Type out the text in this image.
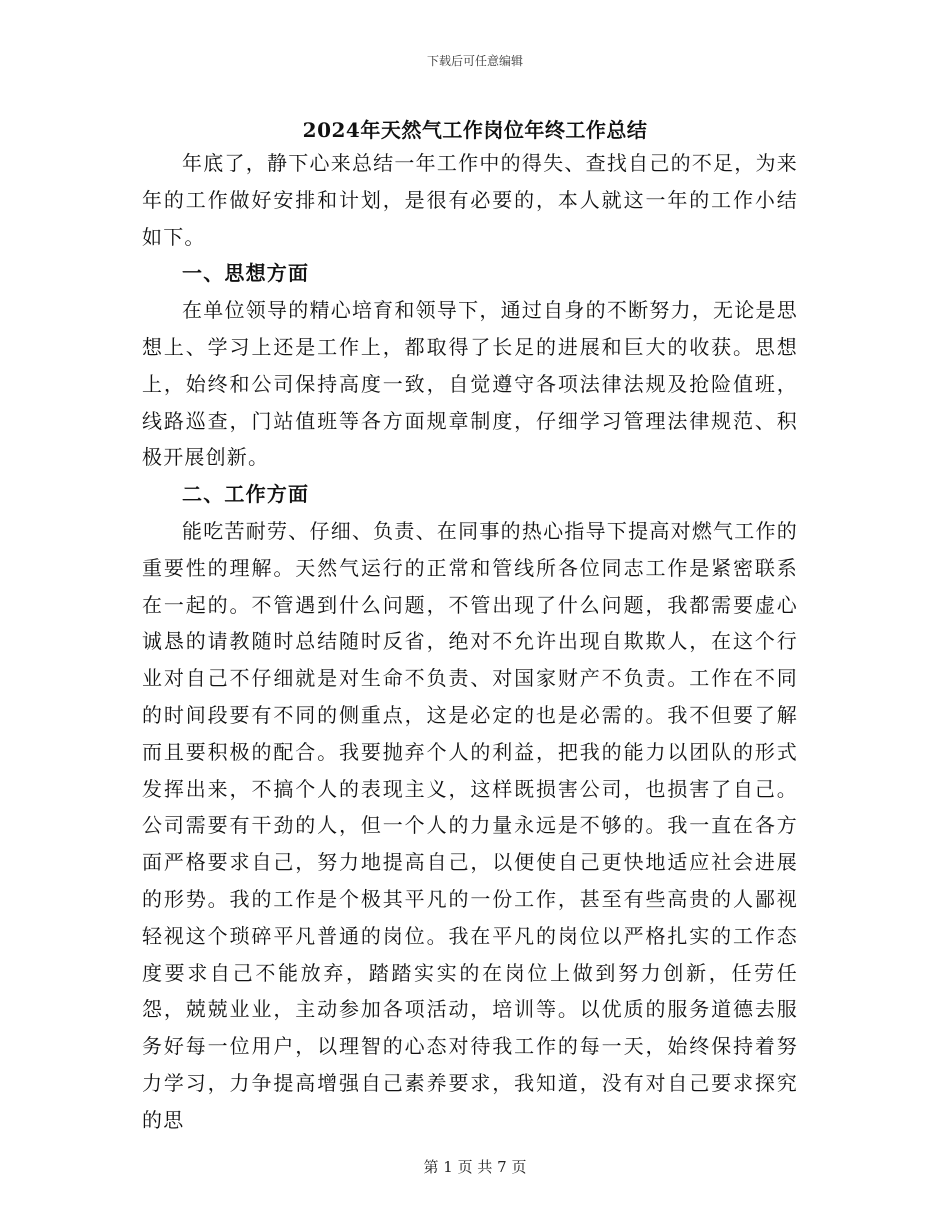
下载后可任意编辑
2024年天然气工作岗位年终工作总结

年底了，静下心来总结一年工作中的得失、查找自己的不足，为来年的工作做好安排和计划，是很有必要的，本人就这一年的工作小结如下。

一、思想方面

在单位领导的精心培育和领导下，通过自身的不断努力，无论是思想上、学习上还是工作上，都取得了长足的进展和巨大的收获。思想上，始终和公司保持高度一致，自觉遵守各项法律法规及抢险值班，线路巡查，门站值班等各方面规章制度，仔细学习管理法律规范、积极开展创新。

二、工作方面

能吃苦耐劳、仔细、负责、在同事的热心指导下提高对燃气工作的重要性的理解。天然气运行的正常和管线所各位同志工作是紧密联系在一起的。不管遇到什么问题，不管出现了什么问题，我都需要虚心诚恳的请教随时总结随时反省，绝对不允许出现自欺欺人，在这个行业对自己不仔细就是对生命不负责、对国家财产不负责。工作在不同的时间段要有不同的侧重点，这是必定的也是必需的。我不但要了解而且要积极的配合。我要抛弃个人的利益，把我的能力以团队的形式发挥出来，不搞个人的表现主义，这样既损害公司，也损害了自己。公司需要有干劲的人，但一个人的力量永远是不够的。我一直在各方面严格要求自己，努力地提高自己，以便使自己更快地适应社会进展的形势。我的工作是个极其平凡的一份工作，甚至有些高贵的人鄙视轻视这个琐碎平凡普通的岗位。我在平凡的岗位以严格扎实的工作态度要求自己不能放弃，踏踏实实的在岗位上做到努力创新，任劳任怨，兢兢业业，主动参加各项活动，培训等。以优质的服务道德去服务好每一位用户，以理智的心态对待我工作的每一天，始终保持着努力学习，力争提高增强自己素养要求，我知道，没有对自己要求探究的思

第 1 页 共 7 页
